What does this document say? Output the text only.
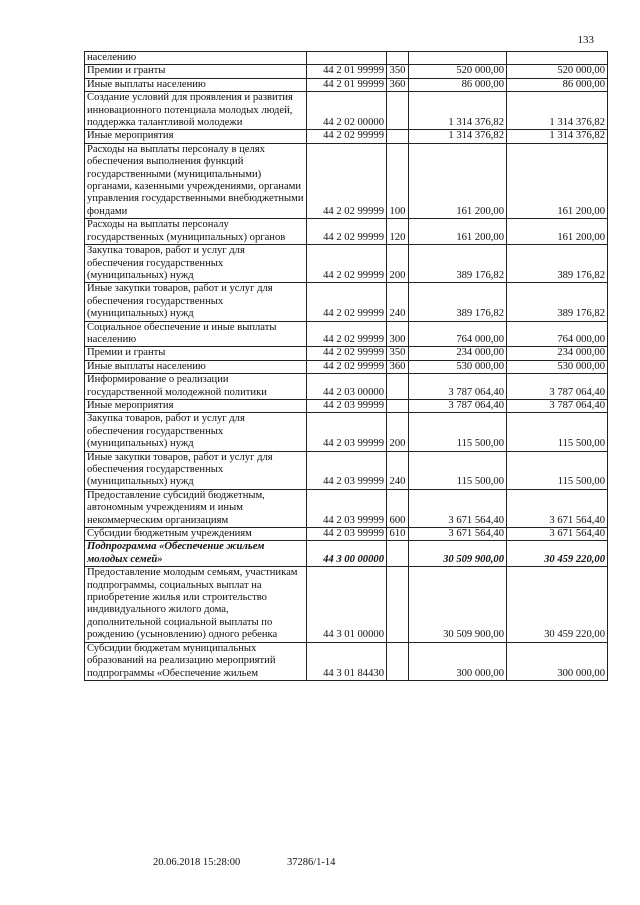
133
населению				
Премии и гранты	44 2 01 99999	350	520 000,00	520 000,00
Иные выплаты населению	44 2 01 99999	360	86 000,00	86 000,00
Создание условий для проявления и развития инновационного потенциала молодых людей, поддержка талантливой молодежи	44 2 02 00000		1 314 376,82	1 314 376,82
Иные мероприятия	44 2 02 99999		1 314 376,82	1 314 376,82
Расходы на выплаты персоналу в целях обеспечения выполнения функций государственными (муниципальными) органами, казенными учреждениями, органами управления государственными внебюджетными фондами	44 2 02 99999	100	161 200,00	161 200,00
Расходы на выплаты персоналу государственных (муниципальных) органов	44 2 02 99999	120	161 200,00	161 200,00
Закупка товаров, работ и услуг для обеспечения государственных (муниципальных) нужд	44 2 02 99999	200	389 176,82	389 176,82
Иные закупки товаров, работ и услуг для обеспечения государственных (муниципальных) нужд	44 2 02 99999	240	389 176,82	389 176,82
Социальное обеспечение и иные выплаты населению	44 2 02 99999	300	764 000,00	764 000,00
Премии и гранты	44 2 02 99999	350	234 000,00	234 000,00
Иные выплаты населению	44 2 02 99999	360	530 000,00	530 000,00
Информирование о реализации государственной молодежной политики	44 2 03 00000		3 787 064,40	3 787 064,40
Иные мероприятия	44 2 03 99999		3 787 064,40	3 787 064,40
Закупка товаров, работ и услуг для обеспечения государственных (муниципальных) нужд	44 2 03 99999	200	115 500,00	115 500,00
Иные закупки товаров, работ и услуг для обеспечения государственных (муниципальных) нужд	44 2 03 99999	240	115 500,00	115 500,00
Предоставление субсидий бюджетным, автономным учреждениям и иным некоммерческим организациям	44 2 03 99999	600	3 671 564,40	3 671 564,40
Субсидии бюджетным учреждениям	44 2 03 99999	610	3 671 564,40	3 671 564,40
Подпрограмма «Обеспечение жильем молодых семей»	44 3 00 00000		30 509 900,00	30 459 220,00
Предоставление молодым семьям, участникам подпрограммы, социальных выплат на приобретение жилья или строительство индивидуального жилого дома, дополнительной социальной выплаты по рождению (усыновлению) одного ребенка	44 3 01 00000		30 509 900,00	30 459 220,00
Субсидии бюджетам муниципальных образований на реализацию мероприятий подпрограммы «Обеспечение жильем	44 3 01 84430		300 000,00	300 000,00
20.06.2018 15:28:00	37286/1-14
